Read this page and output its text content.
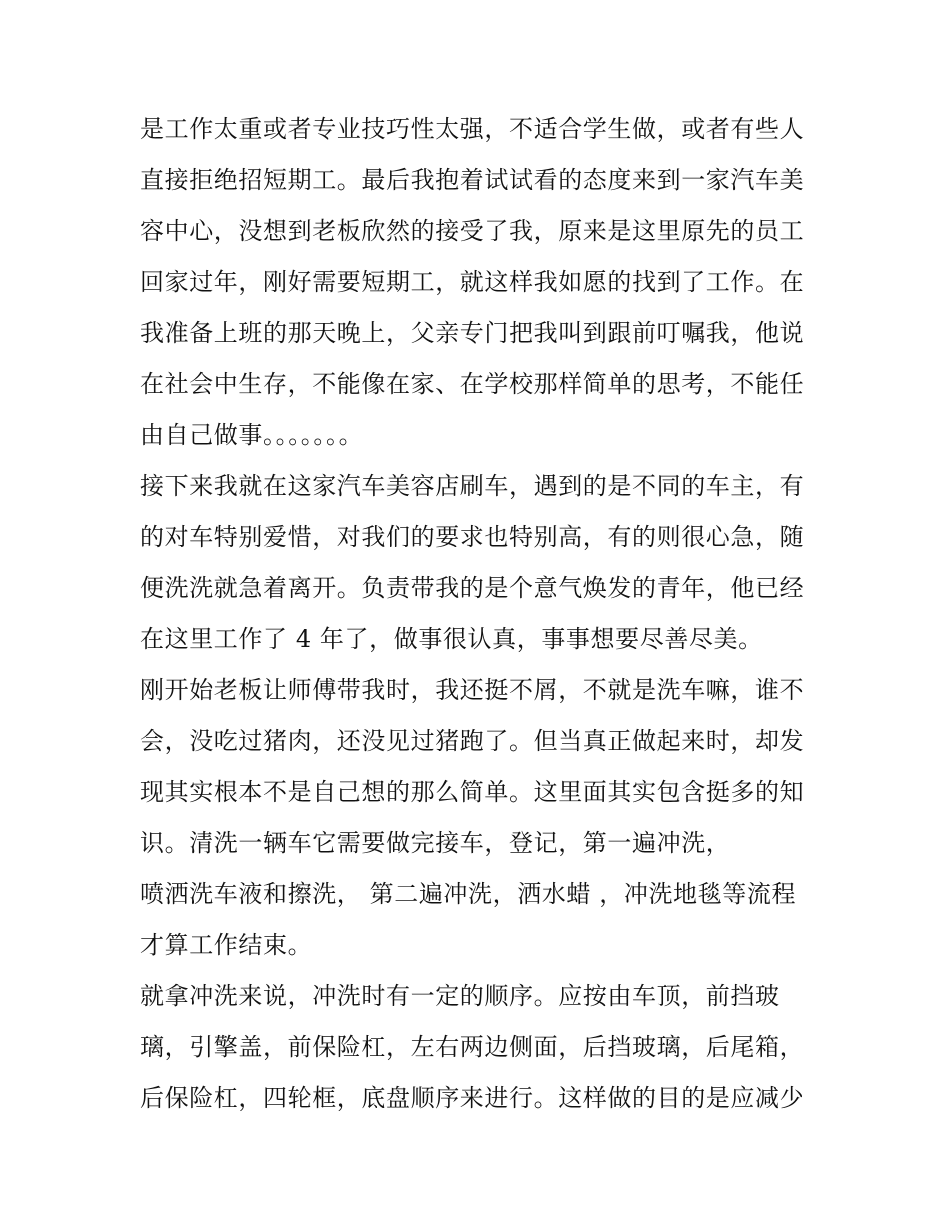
是工作太重或者专业技巧性太强，不适合学生做，或者有些人
直接拒绝招短期工。最后我抱着试试看的态度来到一家汽车美
容中心，没想到老板欣然的接受了我，原来是这里原先的员工
回家过年，刚好需要短期工，就这样我如愿的找到了工作。在
我准备上班的那天晚上，父亲专门把我叫到跟前叮嘱我，他说
在社会中生存，不能像在家、在学校那样简单的思考，不能任
由自己做事。。。。。。。
接下来我就在这家汽车美容店刷车，遇到的是不同的车主，有
的对车特别爱惜，对我们的要求也特别高，有的则很心急，随
便洗洗就急着离开。负责带我的是个意气焕发的青年，他已经
在这里工作了 4 年了，做事很认真，事事想要尽善尽美。
刚开始老板让师傅带我时，我还挺不屑，不就是洗车嘛，谁不
会，没吃过猪肉，还没见过猪跑了。但当真正做起来时，却发
现其实根本不是自己想的那么简单。这里面其实包含挺多的知
识。清洗一辆车它需要做完接车，登记，第一遍冲洗，
喷洒洗车液和擦洗， 第二遍冲洗，洒水蜡 ，冲洗地毯等流程
才算工作结束。
就拿冲洗来说，冲洗时有一定的顺序。应按由车顶，前挡玻
璃，引擎盖，前保险杠，左右两边侧面，后挡玻璃，后尾箱，
后保险杠，四轮框，底盘顺序来进行。这样做的目的是应减少
